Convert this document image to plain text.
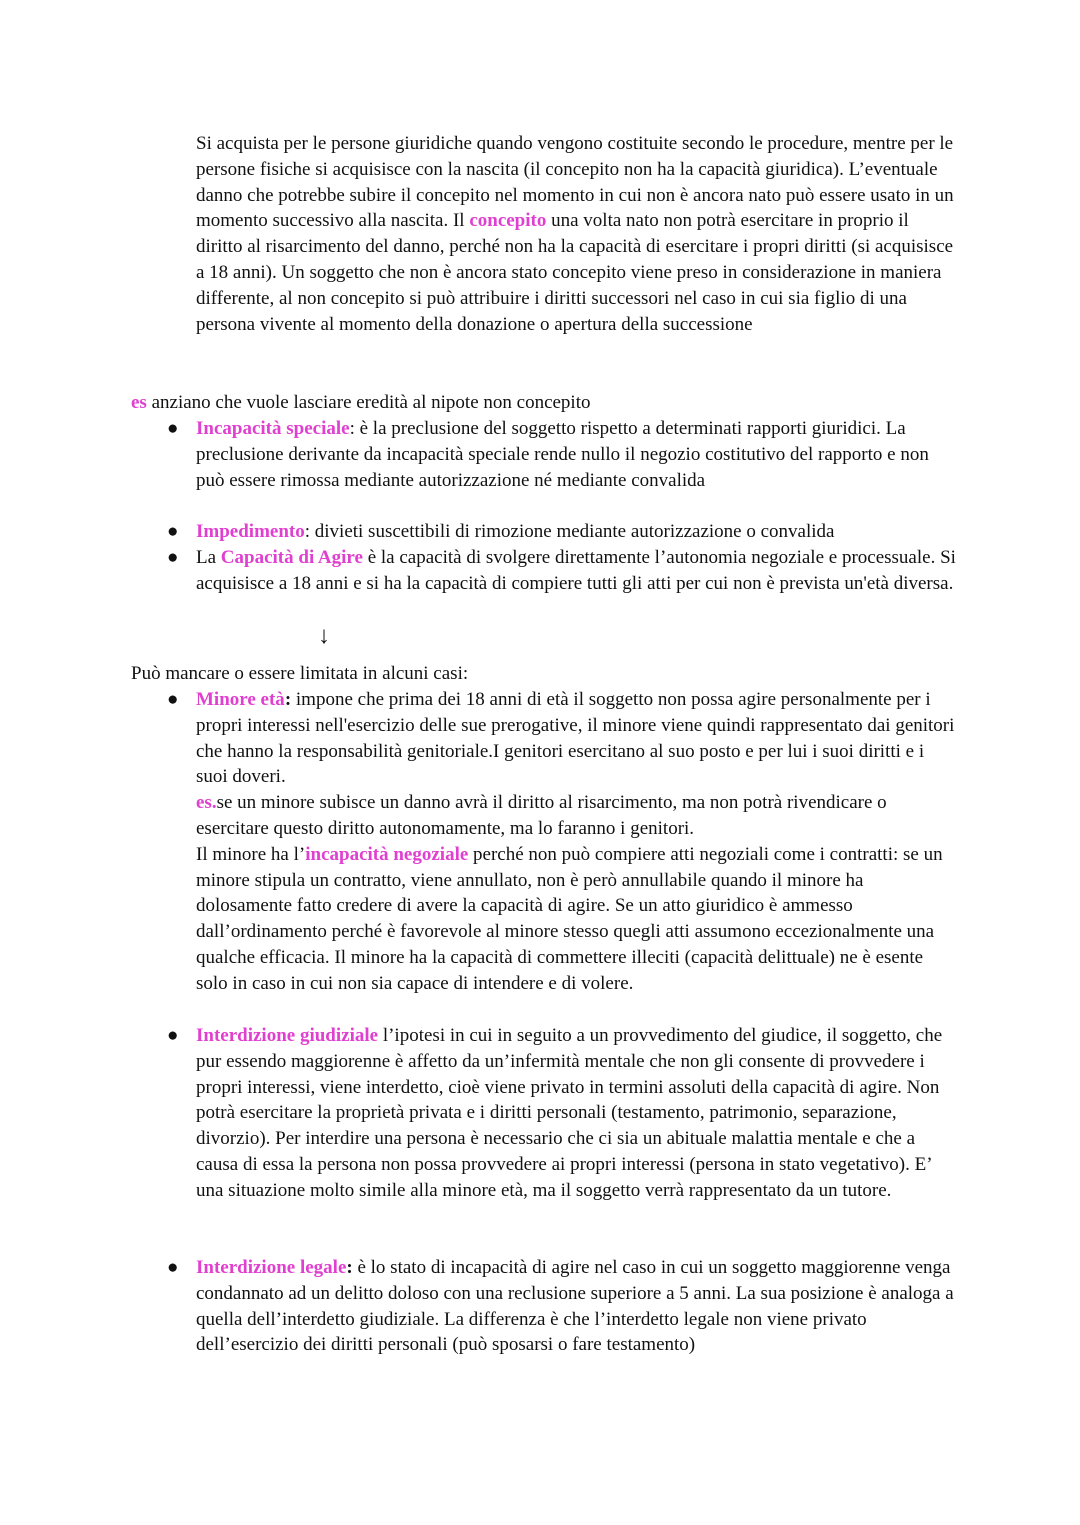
Si acquista per le persone giuridiche quando vengono costituite secondo le procedure, mentre per le persone fisiche si acquisisce con la nascita (il concepito non ha la capacità giuridica). L’eventuale danno che potrebbe subire il concepito nel momento in cui non è ancora nato può essere usato in un momento successivo alla nascita. Il concepito una volta nato non potrà esercitare in proprio il diritto al risarcimento del danno, perché non ha la capacità di esercitare i propri diritti (si acquisisce a 18 anni). Un soggetto che non è ancora stato concepito viene preso in considerazione in maniera differente, al non concepito si può attribuire i diritti successori nel caso in cui sia figlio di una persona vivente al momento della donazione o apertura della successione

es anziano che vuole lasciare eredità al nipote non concepito

● Incapacità speciale: è la preclusione del soggetto rispetto a determinati rapporti giuridici. La preclusione derivante da incapacità speciale rende nullo il negozio costitutivo del rapporto e non può essere rimossa mediante autorizzazione né mediante convalida

● Impedimento: divieti suscettibili di rimozione mediante autorizzazione o convalida

● La Capacità di Agire è la capacità di svolgere direttamente l’autonomia negoziale e processuale. Si acquisisce a 18 anni e si ha la capacità di compiere tutti gli atti per cui non è prevista un'età diversa.

↓

Può mancare o essere limitata in alcuni casi:

● Minore età: impone che prima dei 18 anni di età il soggetto non possa agire personalmente per i propri interessi nell'esercizio delle sue prerogative, il minore viene quindi rappresentato dai genitori che hanno la responsabilità genitoriale.I genitori esercitano al suo posto e per lui i suoi diritti e i suoi doveri.

es.se un minore subisce un danno avrà il diritto al risarcimento, ma non potrà rivendicare o esercitare questo diritto autonomamente, ma lo faranno i genitori.

Il minore ha l’incapacità negoziale perché non può compiere atti negoziali come i contratti: se un minore stipula un contratto, viene annullato, non è però annullabile quando il minore ha dolosamente fatto credere di avere la capacità di agire. Se un atto giuridico è ammesso dall’ordinamento perché è favorevole al minore stesso quegli atti assumono eccezionalmente una qualche efficacia. Il minore ha la capacità di commettere illeciti (capacità delittuale) ne è esente solo in caso in cui non sia capace di intendere e di volere.

● Interdizione giudiziale l’ipotesi in cui in seguito a un provvedimento del giudice, il soggetto, che pur essendo maggiorenne è affetto da un’infermità mentale che non gli consente di provvedere i propri interessi, viene interdetto, cioè viene privato in termini assoluti della capacità di agire. Non potrà esercitare la proprietà privata e i diritti personali (testamento, patrimonio, separazione, divorzio). Per interdire una persona è necessario che ci sia un abituale malattia mentale e che a causa di essa la persona non possa provvedere ai propri interessi (persona in stato vegetativo). E’ una situazione molto simile alla minore età, ma il soggetto verrà rappresentato da un tutore.

● Interdizione legale: è lo stato di incapacità di agire nel caso in cui un soggetto maggiorenne venga condannato ad un delitto doloso con una reclusione superiore a 5 anni. La sua posizione è analoga a quella dell’interdetto giudiziale. La differenza è che l’interdetto legale non viene privato dell’esercizio dei diritti personali (può sposarsi o fare testamento)
